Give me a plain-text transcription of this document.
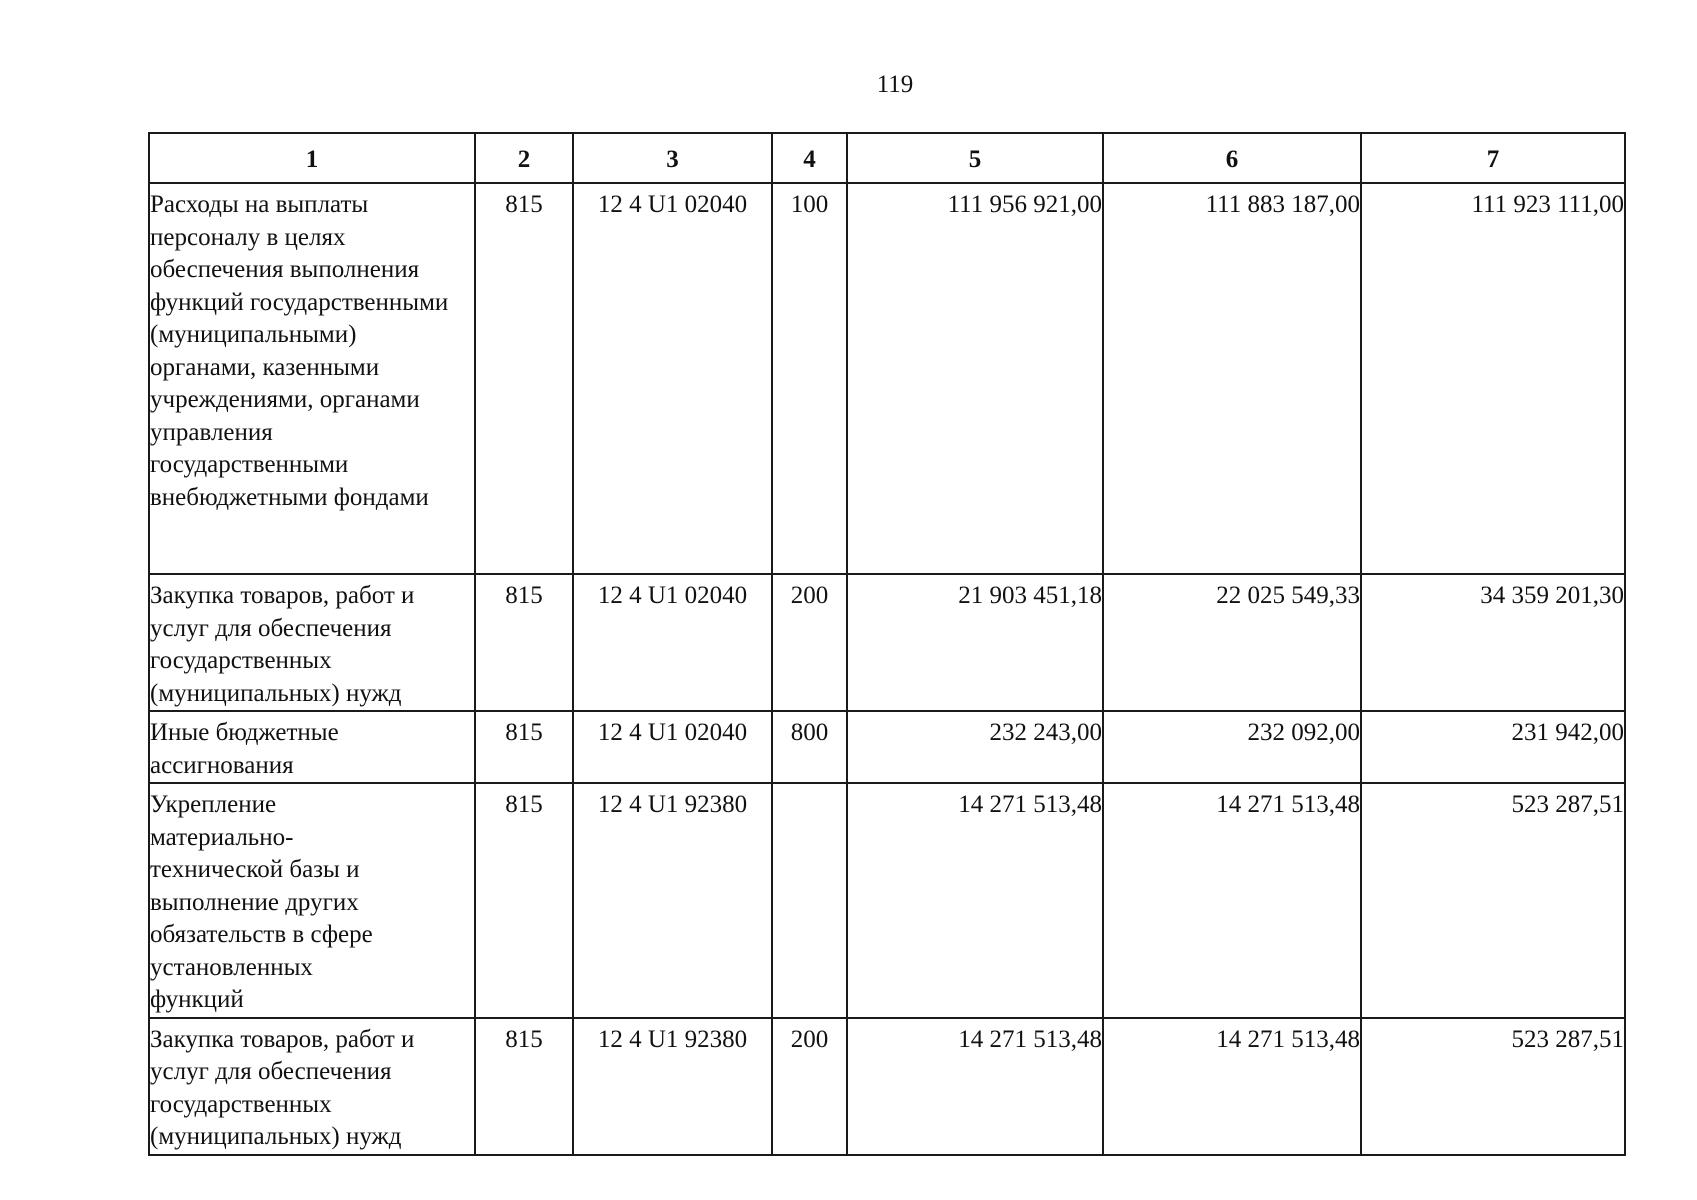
119
1	2	3	4	5	6	7

Расходы на выплаты персоналу в целях обеспечения выполнения функций государственными (муниципальными) органами, казенными учреждениями, органами управления государственными внебюджетными фондами	815	12 4 U1 02040	100	111 956 921,00	111 883 187,00	111 923 111,00
Закупка товаров, работ и услуг для обеспечения государственных (муниципальных) нужд	815	12 4 U1 02040	200	21 903 451,18	22 025 549,33	34 359 201,30

Иные бюджетные ассигнования	815	12 4 U1 02040	800	232 243,00	232 092,00	231 942,00

Укрепление материально-технической базы и выполнение других обязательств в сфере установленных функций	815	12 4 U1 92380		14 271 513,48	14 271 513,48	523 287,51
Закупка товаров, работ и услуг для обеспечения государственных (муниципальных) нужд	815	12 4 U1 92380	200	14 271 513,48	14 271 513,48	523 287,51
